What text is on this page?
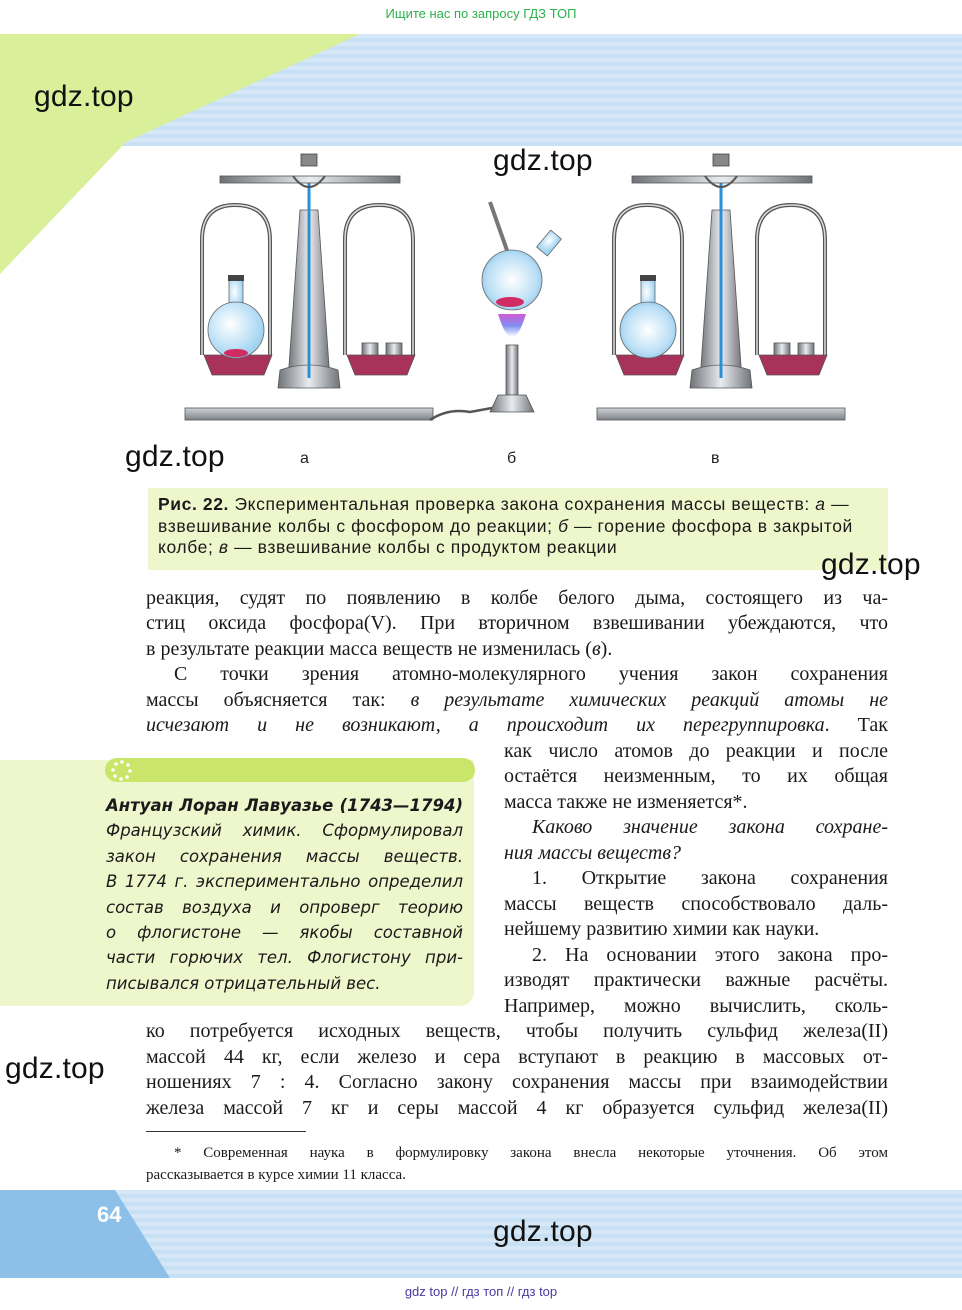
Ищите нас по запросу ГДЗ ТОП
gdz.top
gdz.top
gdz.top	а	б	в
Рис. 22. Экспериментальная проверка закона сохранения массы веществ: а — взвешивание колбы с фосфором до реакции; б — горение фосфора в закрытой колбе; в — взвешивание колбы с продуктом реакции
gdz.top
реакция, судят по появлению в колбе белого дыма, состоящего из ча-
стиц оксида фосфора(V). При вторичном взвешивании убеждаются, что
в результате реакции масса веществ не изменилась (в).
С точки зрения атомно-молекулярного учения закон сохранения
массы объясняется так: в результате химических реакций атомы не
исчезают и не возникают, а происходит их перегруппировка. Так
как число атомов до реакции и после
остаётся неизменным, то их общая
масса также не изменяется*.
Каково значение закона сохране-
ния массы веществ?
1. Открытие закона сохранения
массы веществ способствовало даль-
нейшему развитию химии как науки.
2. На основании этого закона про-
изводят практически важные расчёты.
Например, можно вычислить, сколь-
ко потребуется исходных веществ, чтобы получить сульфид железа(II)
массой 44 кг, если железо и сера вступают в реакцию в массовых от-
ношениях 7 : 4. Согласно закону сохранения массы при взаимодействии
железа массой 7 кг и серы массой 4 кг образуется сульфид железа(II)
Антуан Лоран Лавуазье (1743—1794)
Французский химик. Сформулировал
закон сохранения массы веществ.
В 1774 г. экспериментально определил
состав воздуха и опроверг теорию
о флогистоне — якобы составной
части горючих тел. Флогистону при-
писывался отрицательный вес.
gdz.top
* Современная наука в формулировку закона внесла некоторые уточнения. Об этом
рассказывается в курсе химии 11 класса.
64
gdz.top
gdz top // гдз топ // гдз top
